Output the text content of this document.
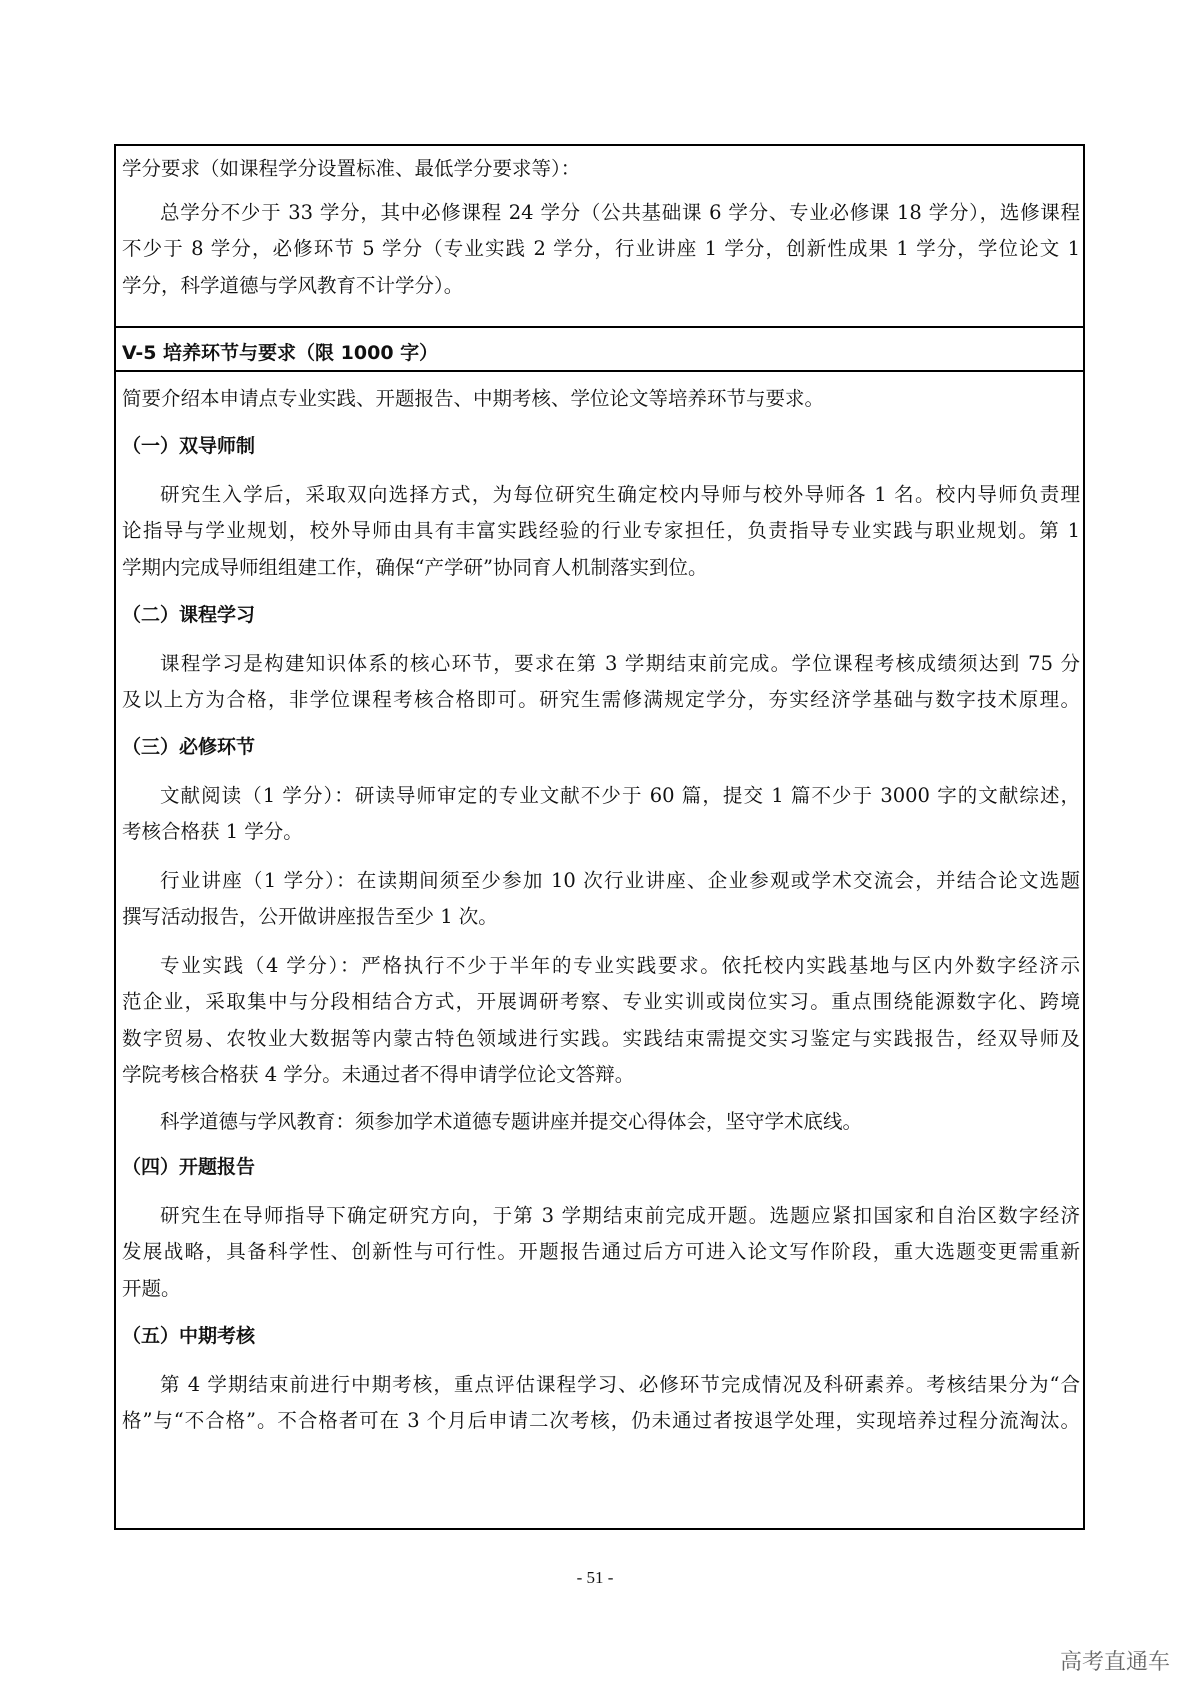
学分要求（如课程学分设置标准、最低学分要求等）：
总学分不少于 33 学分，其中必修课程 24 学分（公共基础课 6 学分、专业必修课 18 学分），选修课程
不少于 8 学分，必修环节 5 学分（专业实践 2 学分，行业讲座 1 学分，创新性成果 1 学分，学位论文 1
学分，科学道德与学风教育不计学分）。
V-5 培养环节与要求（限 1000 字）
简要介绍本申请点专业实践、开题报告、中期考核、学位论文等培养环节与要求。
（一）双导师制
研究生入学后，采取双向选择方式，为每位研究生确定校内导师与校外导师各 1 名。校内导师负责理
论指导与学业规划，校外导师由具有丰富实践经验的行业专家担任，负责指导专业实践与职业规划。第 1
学期内完成导师组组建工作，确保“产学研”协同育人机制落实到位。
（二）课程学习
课程学习是构建知识体系的核心环节，要求在第 3 学期结束前完成。学位课程考核成绩须达到 75 分
及以上方为合格，非学位课程考核合格即可。研究生需修满规定学分，夯实经济学基础与数字技术原理。
（三）必修环节
文献阅读（1 学分）：研读导师审定的专业文献不少于 60 篇，提交 1 篇不少于 3000 字的文献综述，
考核合格获 1 学分。
行业讲座（1 学分）：在读期间须至少参加 10 次行业讲座、企业参观或学术交流会，并结合论文选题
撰写活动报告，公开做讲座报告至少 1 次。
专业实践（4 学分）：严格执行不少于半年的专业实践要求。依托校内实践基地与区内外数字经济示
范企业，采取集中与分段相结合方式，开展调研考察、专业实训或岗位实习。重点围绕能源数字化、跨境
数字贸易、农牧业大数据等内蒙古特色领域进行实践。实践结束需提交实习鉴定与实践报告，经双导师及
学院考核合格获 4 学分。未通过者不得申请学位论文答辩。
科学道德与学风教育：须参加学术道德专题讲座并提交心得体会，坚守学术底线。
（四）开题报告
研究生在导师指导下确定研究方向，于第 3 学期结束前完成开题。选题应紧扣国家和自治区数字经济
发展战略，具备科学性、创新性与可行性。开题报告通过后方可进入论文写作阶段，重大选题变更需重新
开题。
（五）中期考核
第 4 学期结束前进行中期考核，重点评估课程学习、必修环节完成情况及科研素养。考核结果分为“合
格”与“不合格”。不合格者可在 3 个月后申请二次考核，仍未通过者按退学处理，实现培养过程分流淘汰。
- 51 -
高考直通车
